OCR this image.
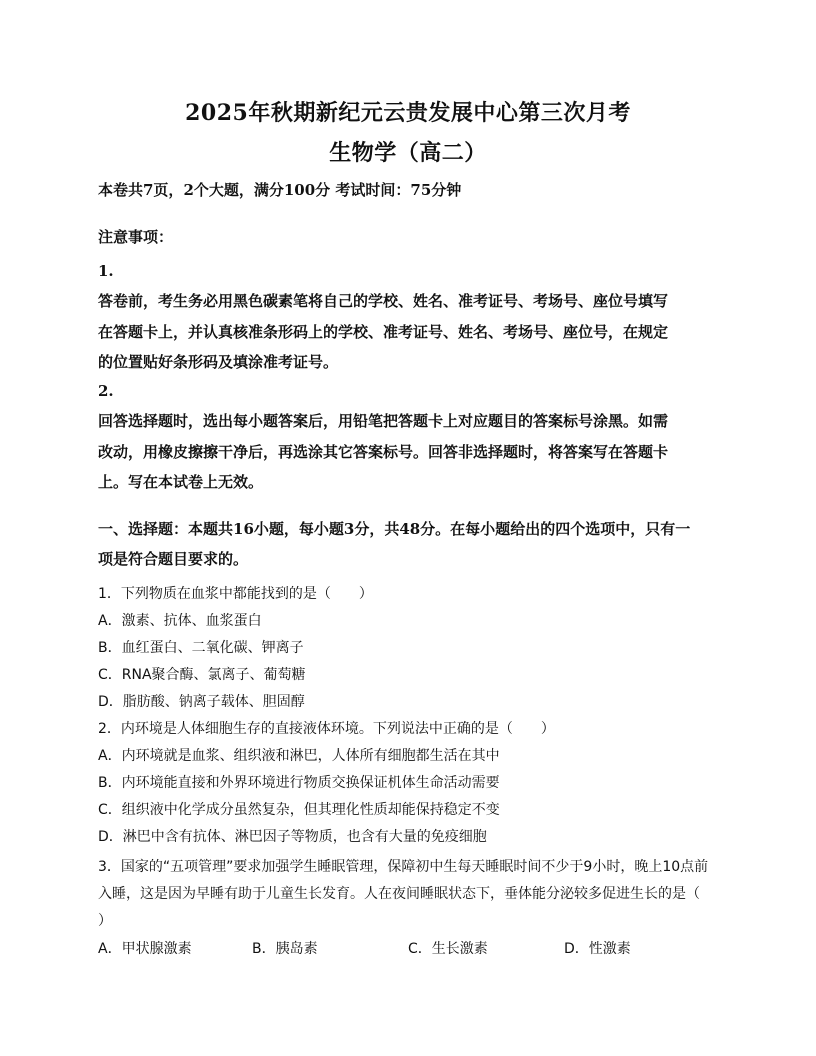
2025年秋期新纪元云贵发展中心第三次月考
生物学（高二）
本卷共7页，2个大题，满分100分 考试时间：75分钟
注意事项：
1.
答卷前，考生务必用黑色碳素笔将自己的学校、姓名、准考证号、考场号、座位号填写
在答题卡上，并认真核准条形码上的学校、准考证号、姓名、考场号、座位号，在规定
的位置贴好条形码及填涂准考证号。
2.
回答选择题时，选出每小题答案后，用铅笔把答题卡上对应题目的答案标号涂黑。如需
改动，用橡皮擦擦干净后，再选涂其它答案标号。回答非选择题时，将答案写在答题卡
上。写在本试卷上无效。
一、选择题：本题共16小题，每小题3分，共48分。在每小题给出的四个选项中，只有一
项是符合题目要求的。
1．下列物质在血浆中都能找到的是（　　）
A．激素、抗体、血浆蛋白
B．血红蛋白、二氧化碳、钾离子
C．RNA聚合酶、氯离子、葡萄糖
D．脂肪酸、钠离子载体、胆固醇
2．内环境是人体细胞生存的直接液体环境。下列说法中正确的是（　　）
A．内环境就是血浆、组织液和淋巴，人体所有细胞都生活在其中
B．内环境能直接和外界环境进行物质交换保证机体生命活动需要
C．组织液中化学成分虽然复杂，但其理化性质却能保持稳定不变
D．淋巴中含有抗体、淋巴因子等物质，也含有大量的免疫细胞
3．国家的“五项管理”要求加强学生睡眠管理，保障初中生每天睡眠时间不少于9小时，晚上10点前
入睡，这是因为早睡有助于儿童生长发育。人在夜间睡眠状态下，垂体能分泌较多促进生长的是（
）
A．甲状腺激素	B．胰岛素	C．生长激素	D．性激素
